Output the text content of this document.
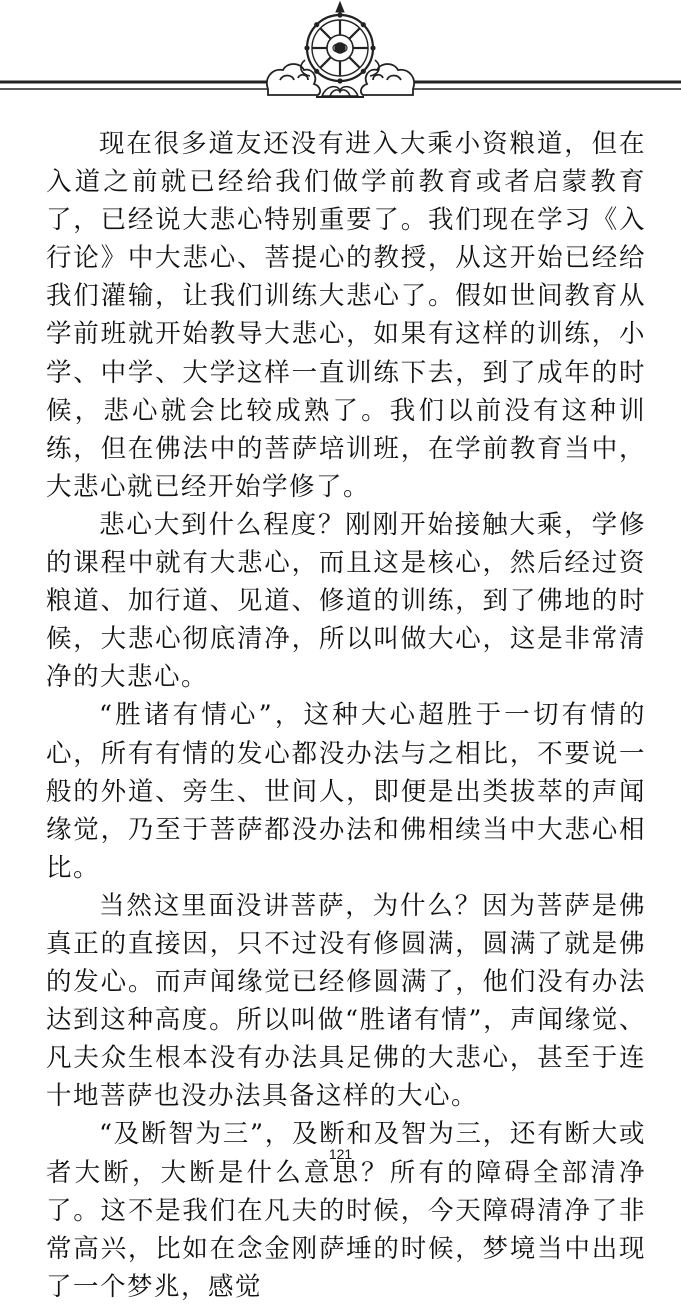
现在很多道友还没有进入大乘小资粮道，但在入道之前就已经给我们做学前教育或者启蒙教育了，已经说大悲心特别重要了。我们现在学习《入行论》中大悲心、菩提心的教授，从这开始已经给我们灌输，让我们训练大悲心了。假如世间教育从学前班就开始教导大悲心，如果有这样的训练，小学、中学、大学这样一直训练下去，到了成年的时候，悲心就会比较成熟了。我们以前没有这种训练，但在佛法中的菩萨培训班，在学前教育当中，大悲心就已经开始学修了。

悲心大到什么程度？刚刚开始接触大乘，学修的课程中就有大悲心，而且这是核心，然后经过资粮道、加行道、见道、修道的训练，到了佛地的时候，大悲心彻底清净，所以叫做大心，这是非常清净的大悲心。

“胜诸有情心”，这种大心超胜于一切有情的心，所有有情的发心都没办法与之相比，不要说一般的外道、旁生、世间人，即便是出类拔萃的声闻缘觉，乃至于菩萨都没办法和佛相续当中大悲心相比。

当然这里面没讲菩萨，为什么？因为菩萨是佛真正的直接因，只不过没有修圆满，圆满了就是佛的发心。而声闻缘觉已经修圆满了，他们没有办法达到这种高度。所以叫做“胜诸有情”，声闻缘觉、凡夫众生根本没有办法具足佛的大悲心，甚至于连十地菩萨也没办法具备这样的大心。

“及断智为三”，及断和及智为三，还有断大或者大断，大断是什么意思？所有的障碍全部清净了。这不是我们在凡夫的时候，今天障碍清净了非常高兴，比如在念金刚萨埵的时候，梦境当中出现了一个梦兆，感觉

121
